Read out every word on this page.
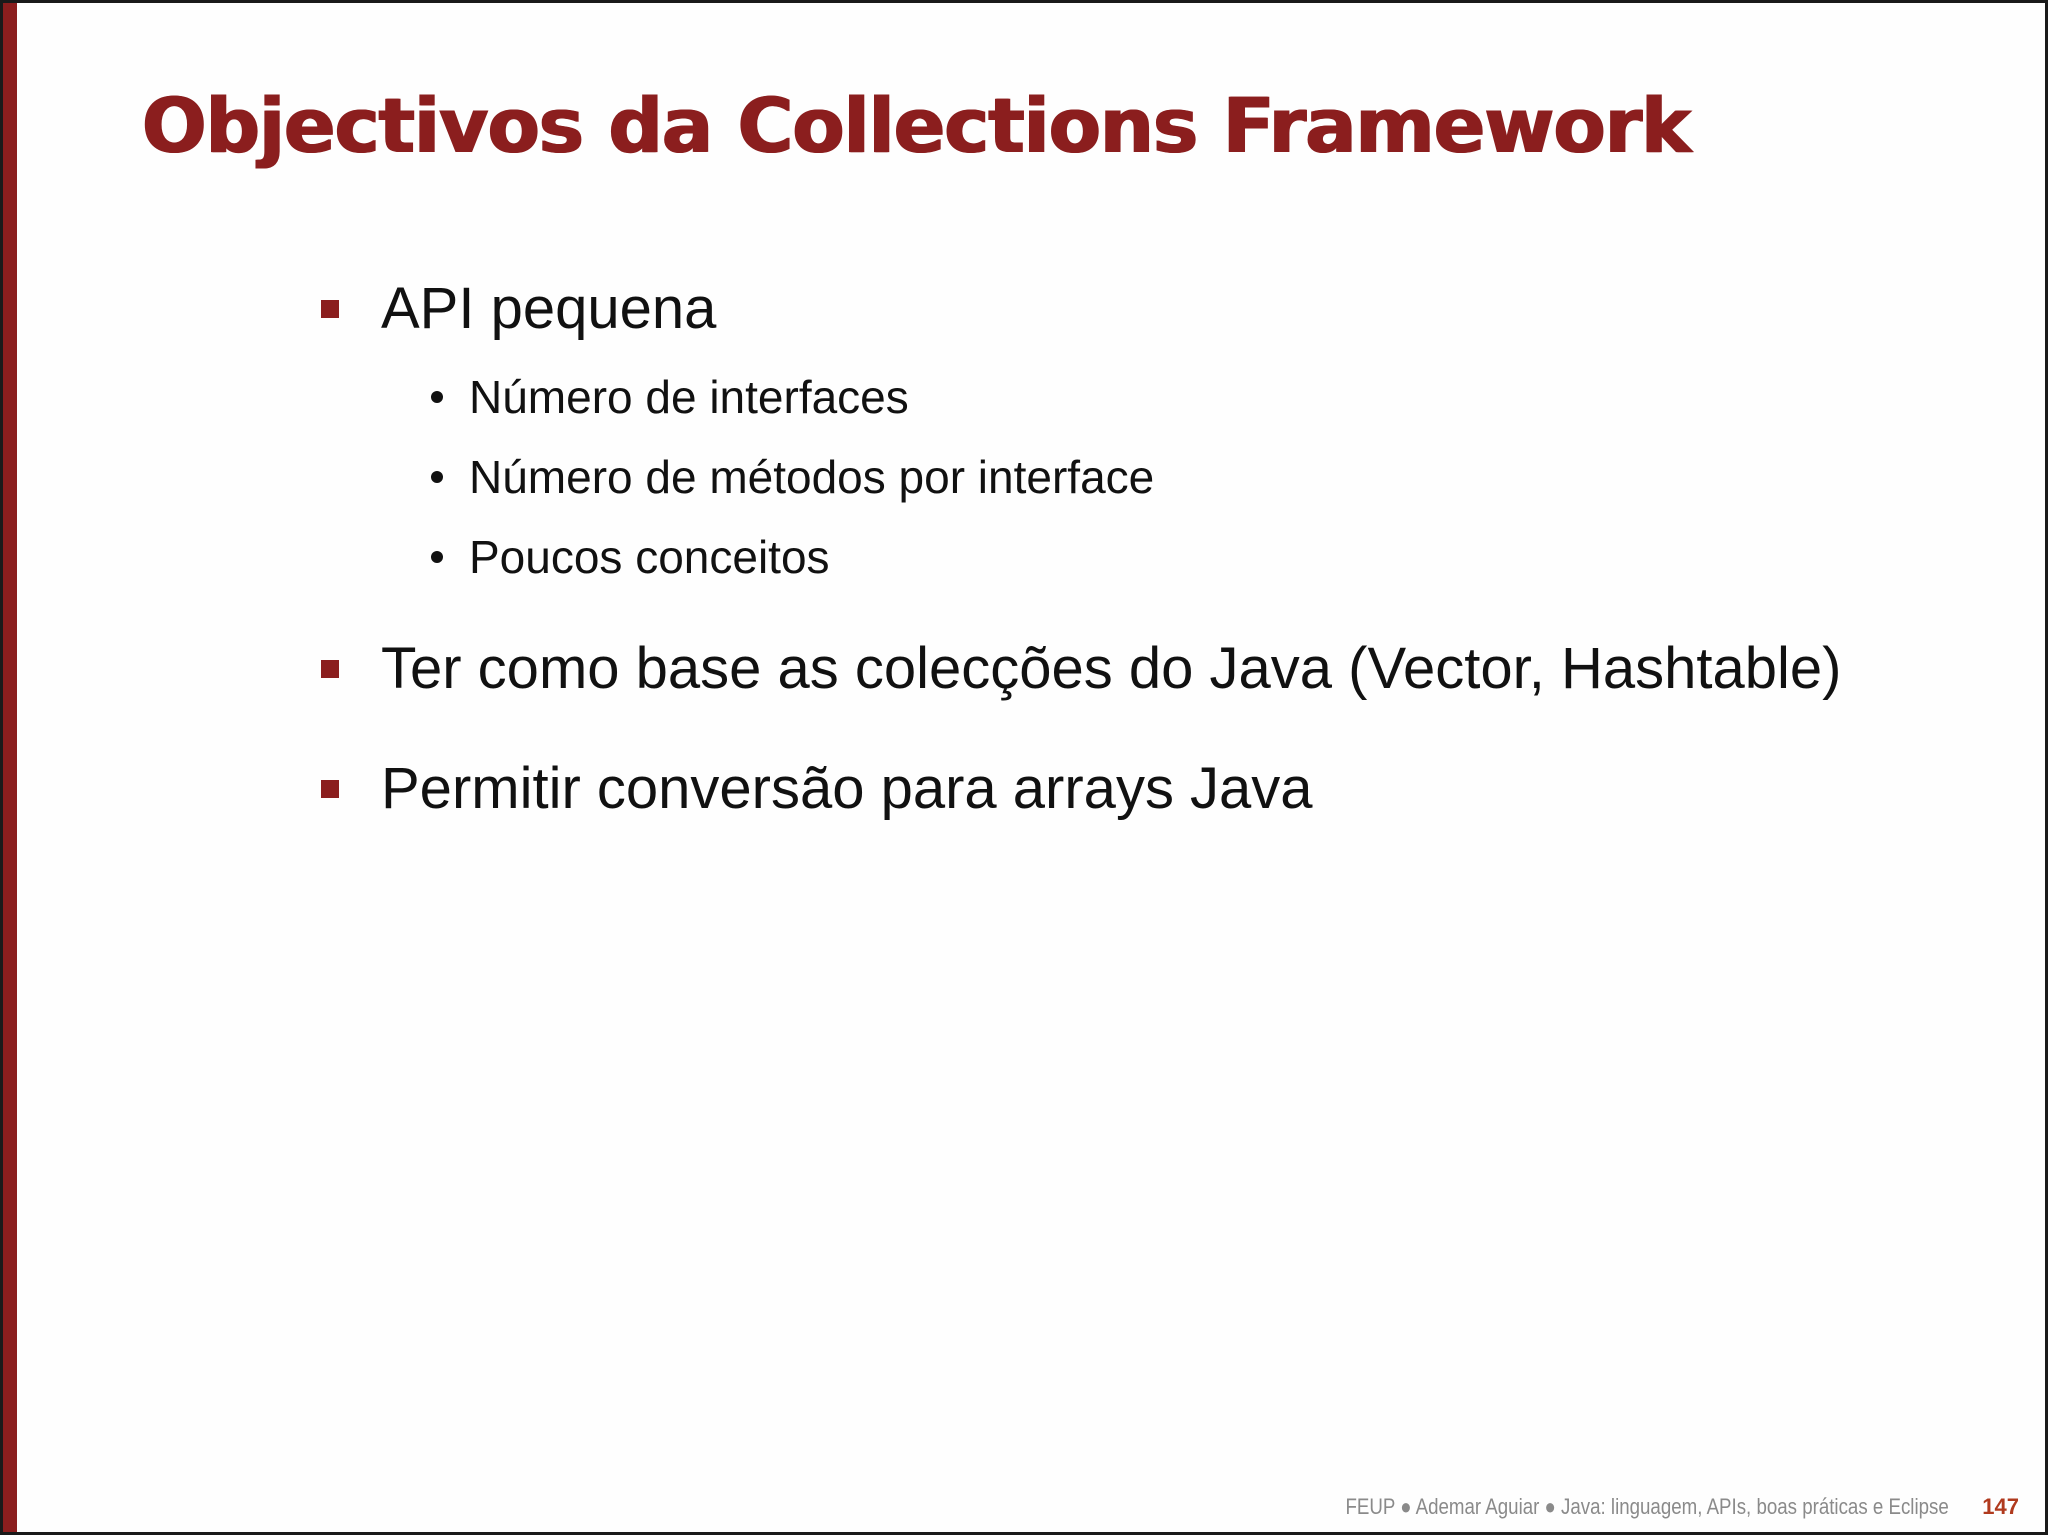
Objectivos da Collections Framework
API pequena
Número de interfaces
Número de métodos por interface
Poucos conceitos
Ter como base as colecções do Java (Vector, Hashtable)
Permitir conversão para arrays Java
FEUP ● Ademar Aguiar ● Java: linguagem, APIs, boas práticas e Eclipse 147
